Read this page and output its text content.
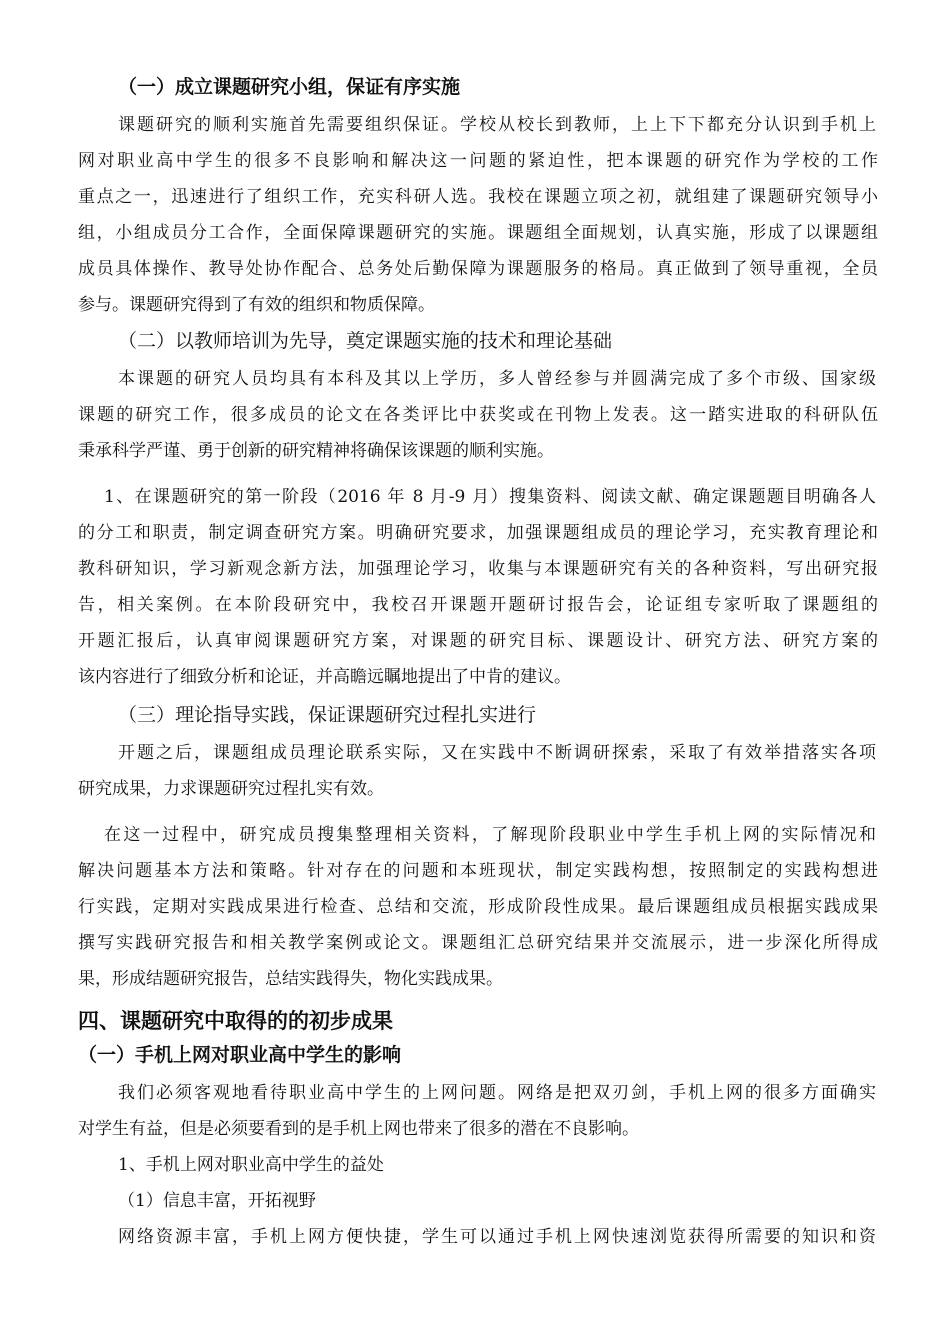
（一）成立课题研究小组，保证有序实施
课题研究的顺利实施首先需要组织保证。学校从校长到教师，上上下下都充分认识到手机上
网对职业高中学生的很多不良影响和解决这一问题的紧迫性，把本课题的研究作为学校的工作
重点之一，迅速进行了组织工作，充实科研人选。我校在课题立项之初，就组建了课题研究领导小
组，小组成员分工合作，全面保障课题研究的实施。课题组全面规划，认真实施，形成了以课题组
成员具体操作、教导处协作配合、总务处后勤保障为课题服务的格局。真正做到了领导重视，全员
参与。课题研究得到了有效的组织和物质保障。
（二）以教师培训为先导，奠定课题实施的技术和理论基础
本课题的研究人员均具有本科及其以上学历，多人曾经参与并圆满完成了多个市级、国家级
课题的研究工作，很多成员的论文在各类评比中获奖或在刊物上发表。这一踏实进取的科研队伍
秉承科学严谨、勇于创新的研究精神将确保该课题的顺利实施。
1、在课题研究的第一阶段（2016 年 8 月-9 月）搜集资料、阅读文献、确定课题题目明确各人
的分工和职责，制定调查研究方案。明确研究要求，加强课题组成员的理论学习，充实教育理论和
教科研知识，学习新观念新方法，加强理论学习，收集与本课题研究有关的各种资料，写出研究报
告，相关案例。在本阶段研究中，我校召开课题开题研讨报告会，论证组专家听取了课题组的
开题汇报后，认真审阅课题研究方案，对课题的研究目标、课题设计、研究方法、研究方案的
该内容进行了细致分析和论证，并高瞻远瞩地提出了中肯的建议。
（三）理论指导实践，保证课题研究过程扎实进行
开题之后，课题组成员理论联系实际，又在实践中不断调研探索，采取了有效举措落实各项
研究成果，力求课题研究过程扎实有效。
在这一过程中，研究成员搜集整理相关资料，了解现阶段职业中学生手机上网的实际情况和
解决问题基本方法和策略。针对存在的问题和本班现状，制定实践构想，按照制定的实践构想进
行实践，定期对实践成果进行检查、总结和交流，形成阶段性成果。最后课题组成员根据实践成果
撰写实践研究报告和相关教学案例或论文。课题组汇总研究结果并交流展示，进一步深化所得成
果，形成结题研究报告，总结实践得失，物化实践成果。
四、课题研究中取得的的初步成果
（一）手机上网对职业高中学生的影响
我们必须客观地看待职业高中学生的上网问题。网络是把双刃剑，手机上网的很多方面确实
对学生有益，但是必须要看到的是手机上网也带来了很多的潜在不良影响。
1、手机上网对职业高中学生的益处
（1）信息丰富，开拓视野
网络资源丰富，手机上网方便快捷，学生可以通过手机上网快速浏览获得所需要的知识和资
